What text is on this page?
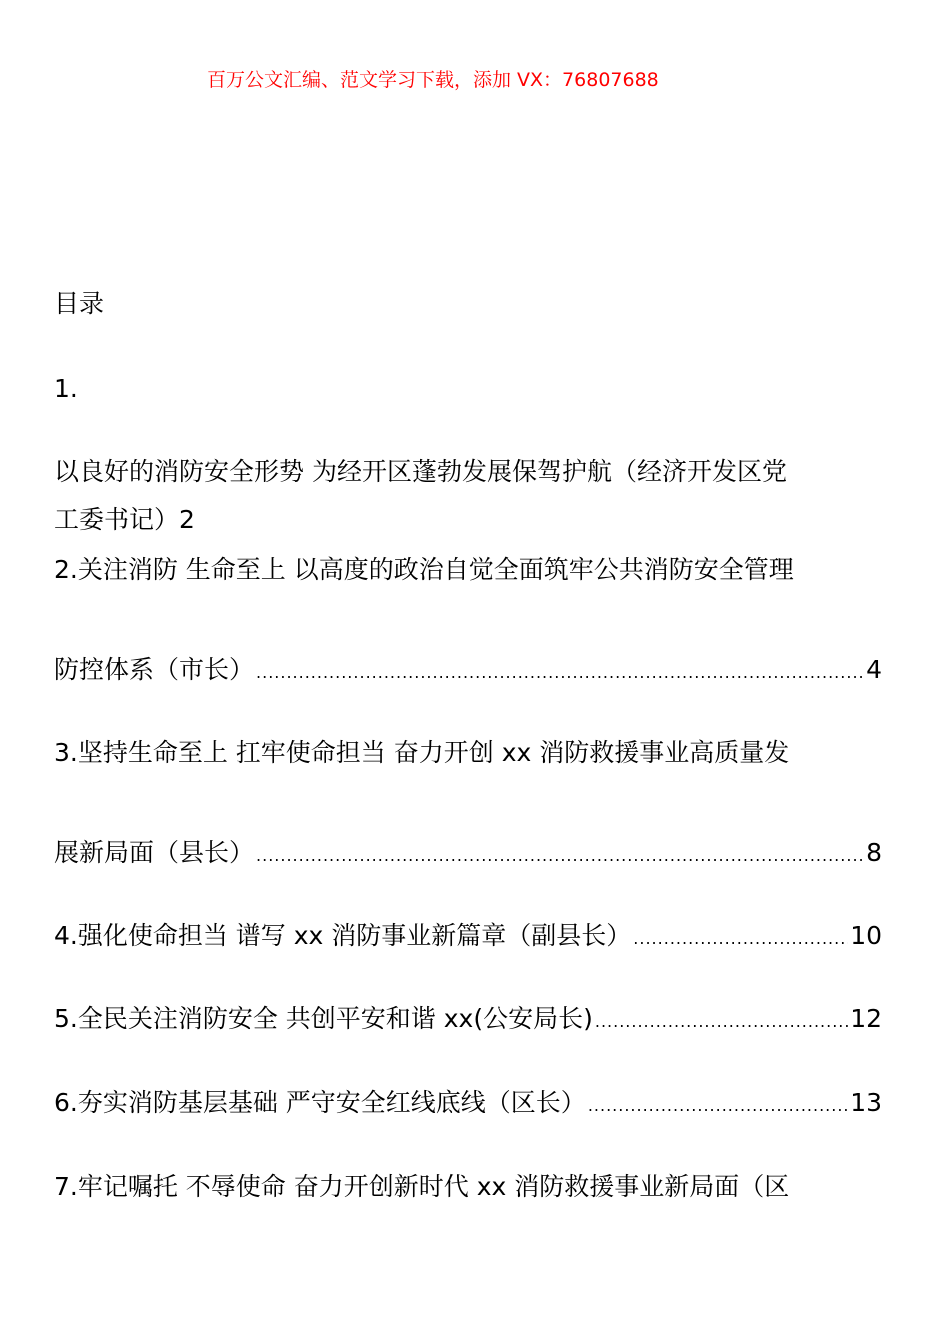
百万公文汇编、范文学习下载，添加 VX：76807688
目录
1.
以良好的消防安全形势 为经开区蓬勃发展保驾护航（经济开发区党
工委书记）2
2.关注消防 生命至上 以高度的政治自觉全面筑牢公共消防安全管理
防控体系（市长） .....	4
3.坚持生命至上 扛牢使命担当 奋力开创 xx 消防救援事业高质量发
展新局面（县长） .....	8
4.强化使命担当 谱写 xx 消防事业新篇章（副县长） .....	10
5.全民关注消防安全 共创平安和谐 xx(公安局长) .....	12
6.夯实消防基层基础 严守安全红线底线（区长） .....	13
7.牢记嘱托 不辱使命 奋力开创新时代 xx 消防救援事业新局面（区
